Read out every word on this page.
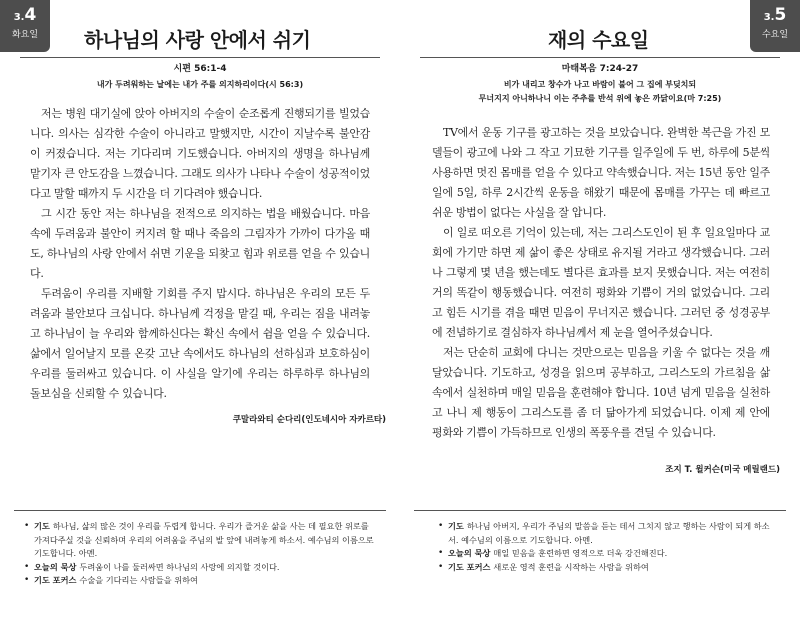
3.4
화요일	하나님의 사랑 안에서 쉬기
시편 56:1-4
내가 두려워하는 날에는 내가 주를 의지하리이다(시 56:3)

저는 병원 대기실에 앉아 아버지의 수술이 순조롭게 진행되기를 빌었습니다. 의사는 심각한 수술이 아니라고 말했지만, 시간이 지날수록 불안감이 커졌습니다. 저는 기다리며 기도했습니다. 아버지의 생명을 하나님께 맡기자 큰 안도감을 느꼈습니다. 그래도 의사가 나타나 수술이 성공적이었다고 말할 때까지 두 시간을 더 기다려야 했습니다.

그 시간 동안 저는 하나님을 전적으로 의지하는 법을 배웠습니다. 마음속에 두려움과 불안이 커지려 할 때나 죽음의 그림자가 가까이 다가올 때도, 하나님의 사랑 안에서 쉬면 기운을 되찾고 힘과 위로를 얻을 수 있습니다.

두려움이 우리를 지배할 기회를 주지 맙시다. 하나님은 우리의 모든 두려움과 불안보다 크십니다. 하나님께 걱정을 맡길 때, 우리는 짐을 내려놓고 하나님이 늘 우리와 함께하신다는 확신 속에서 쉼을 얻을 수 있습니다. 삶에서 일어날지 모를 온갖 고난 속에서도 하나님의 선하심과 보호하심이 우리를 둘러싸고 있습니다. 이 사실을 알기에 우리는 하루하루 하나님의 돌보심을 신뢰할 수 있습니다.

쿠말라와티 순다리(인도네시아 자카르타)
• 기도 하나님, 삶의 많은 것이 우리를 두렵게 합니다. 우리가 즐거운 삶을 사는 데 필요한 위로를 가져다주실 것을 신뢰하며 우리의 어려움을 주님의 발 앞에 내려놓게 하소서. 예수님의 이름으로 기도합니다. 아멘.
• 오늘의 묵상 두려움이 나를 둘러싸면 하나님의 사랑에 의지할 것이다.
• 기도 포커스 수술을 기다리는 사람들을 위하여
3.5
수요일
재의 수요일
마태복음 7:24-27
비가 내리고 창수가 나고 바람이 불어 그 집에 부딪치되
무너지지 아니하나니 이는 주추를 반석 위에 놓은 까닭이요(마 7:25)

TV에서 운동 기구를 광고하는 것을 보았습니다. 완벽한 복근을 가진 모델들이 광고에 나와 그 작고 기묘한 기구를 일주일에 두 번, 하루에 5분씩 사용하면 멋진 몸매를 얻을 수 있다고 약속했습니다. 저는 15년 동안 일주일에 5일, 하루 2시간씩 운동을 해왔기 때문에 몸매를 가꾸는 데 빠르고 쉬운 방법이 없다는 사실을 잘 압니다.

이 일로 떠오른 기억이 있는데, 저는 그리스도인이 된 후 일요일마다 교회에 가기만 하면 제 삶이 좋은 상태로 유지될 거라고 생각했습니다. 그러나 그렇게 몇 년을 했는데도 별다른 효과를 보지 못했습니다. 저는 여전히 거의 똑같이 행동했습니다. 여전히 평화와 기쁨이 거의 없었습니다. 그리고 힘든 시기를 겪을 때면 믿음이 무너지곤 했습니다. 그러던 중 성경공부에 전념하기로 결심하자 하나님께서 제 눈을 열어주셨습니다.

저는 단순히 교회에 다니는 것만으로는 믿음을 키울 수 없다는 것을 깨달았습니다. 기도하고, 성경을 읽으며 공부하고, 그리스도의 가르침을 삶 속에서 실천하며 매일 믿음을 훈련해야 합니다. 10년 넘게 믿음을 실천하고 나니 제 행동이 그리스도를 좀 더 닮아가게 되었습니다. 이제 제 안에 평화와 기쁨이 가득하므로 인생의 폭풍우를 견딜 수 있습니다.

조지 T. 윌커슨(미국 메릴랜드)
• 기도 하나님 아버지, 우리가 주님의 말씀을 듣는 데서 그치지 않고 행하는 사람이 되게 하소서. 예수님의 이름으로 기도합니다. 아멘.
• 오늘의 묵상 매일 믿음을 훈련하면 영적으로 더욱 강건해진다.
• 기도 포커스 새로운 영적 훈련을 시작하는 사람을 위하여
